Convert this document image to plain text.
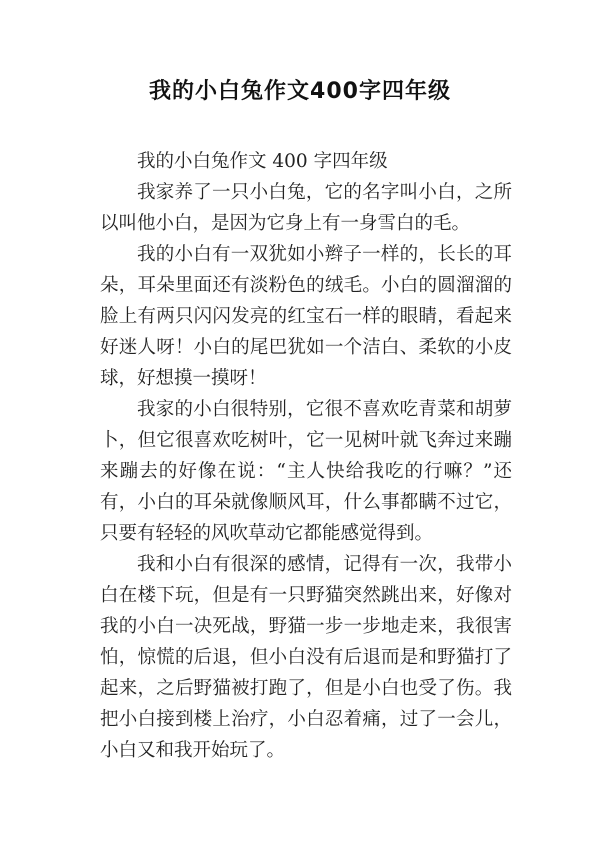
我的小白兔作文400字四年级

我的小白兔作文 400 字四年级

我家养了一只小白兔，它的名字叫小白，之所以叫他小白，是因为它身上有一身雪白的毛。

我的小白有一双犹如小辫子一样的，长长的耳朵，耳朵里面还有淡粉色的绒毛。小白的圆溜溜的脸上有两只闪闪发亮的红宝石一样的眼睛，看起来好迷人呀！小白的尾巴犹如一个洁白、柔软的小皮球，好想摸一摸呀！

我家的小白很特别，它很不喜欢吃青菜和胡萝卜，但它很喜欢吃树叶，它一见树叶就飞奔过来蹦来蹦去的好像在说：“主人快给我吃的行嘛？”还有，小白的耳朵就像顺风耳，什么事都瞒不过它，只要有轻轻的风吹草动它都能感觉得到。

我和小白有很深的感情，记得有一次，我带小白在楼下玩，但是有一只野猫突然跳出来，好像对我的小白一决死战，野猫一步一步地走来，我很害怕，惊慌的后退，但小白没有后退而是和野猫打了起来，之后野猫被打跑了，但是小白也受了伤。我把小白接到楼上治疗，小白忍着痛，过了一会儿，小白又和我开始玩了。
